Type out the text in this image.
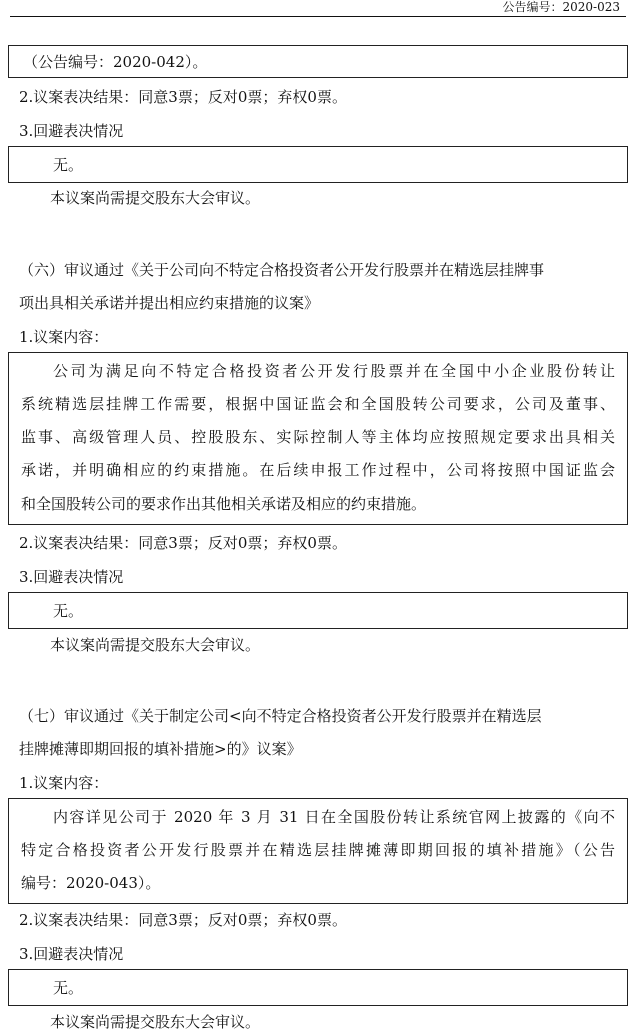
公告编号：2020-023
（公告编号：2020-042）。
2.议案表决结果：同意3票；反对0票；弃权0票。
3.回避表决情况
无。
本议案尚需提交股东大会审议。
（六）审议通过《关于公司向不特定合格投资者公开发行股票并在精选层挂牌事
项出具相关承诺并提出相应约束措施的议案》
1.议案内容：
公司为满足向不特定合格投资者公开发行股票并在全国中小企业股份转让
系统精选层挂牌工作需要，根据中国证监会和全国股转公司要求，公司及董事、
监事、高级管理人员、控股股东、实际控制人等主体均应按照规定要求出具相关
承诺，并明确相应的约束措施。在后续申报工作过程中，公司将按照中国证监会
和全国股转公司的要求作出其他相关承诺及相应的约束措施。
2.议案表决结果：同意3票；反对0票；弃权0票。
3.回避表决情况
无。
本议案尚需提交股东大会审议。
（七）审议通过《关于制定公司<向不特定合格投资者公开发行股票并在精选层
挂牌摊薄即期回报的填补措施>的》议案》
1.议案内容：
内容详见公司于 2020 年 3 月 31 日在全国股份转让系统官网上披露的《向不
特定合格投资者公开发行股票并在精选层挂牌摊薄即期回报的填补措施》（公告
编号：2020-043）。
2.议案表决结果：同意3票；反对0票；弃权0票。
3.回避表决情况
无。
本议案尚需提交股东大会审议。
